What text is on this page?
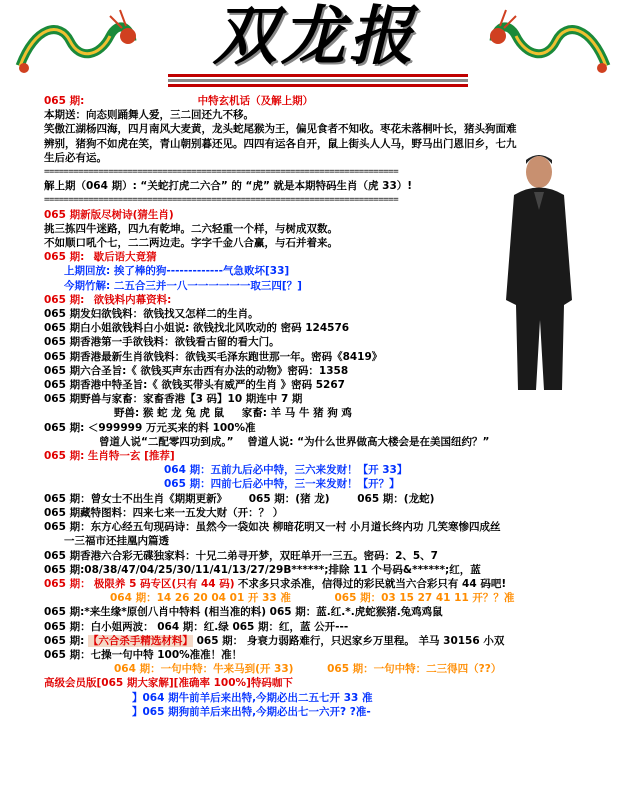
双龙报
065 期:	中特玄机话（及解上期）
本期送：向态则踊舞人爱，三二回还九不移。
笑傲江湖杨四海，四月南风大麦黄，龙头蛇尾猴为王，偏见食者不知收。枣花未落桐叶长，猪头狗面难
辨别，猪狗不如虎在笑，青山朝别暮还见。四四有运各自开，鼠上街头人人马，野马出门恩旧乡，七九
生后必有运。
========================================================================
解上期（064 期）: “关蛇打虎二六合” 的 “虎” 就是本期特码生肖（虎 33）!
========================================================================
065 期新版尽树诗(猜生肖)
挑三拣四牛迷路，四九有乾坤。二六轻重一个样，与树成双数。
不如顺口吼个七，二二两边走。字字千金八合赢，与石并着来。
065 期: 歇后语大竟猜
上期回放: 挨了棒的狗-------------气急败坏[33]
今期竹解: 二五合三并一八一一一一一一取三四[？]
065 期: 欲钱料内幕资料:
065 期发妇欲钱料：欲钱找又怎样二的生肖。
065 期白小姐欲钱料白小姐说: 欲钱找北风吹动的 密码 124576
065 期香港第一手欲钱料：欲钱看古留的看大门。
065 期香港最新生肖欲钱料：欲钱买毛泽东跑世那一年。密码《8419》
065 期六合圣旨:《 欲钱买声东击西有办法的动物》密码：1358
065 期香港中特圣旨:《 欲钱买带头有威严的生肖 》密码 5267
065 期野兽与家畜：家畜香港【3 码】10 期连中 7 期
野兽: 猴 蛇 龙 兔 虎 鼠 家畜: 羊 马 牛 猪 狗 鸡
065 期: ＜999999 万元买来的料 100%准
曾道人说“二配零四功到成。” 曾道人说: “为什么世界做高大楼会是在美国纽约？”
065 期: 生肖特一玄 [推荐]
064 期：五前九后必中特，三六来发财！【开 33】
065 期：四前七后必中特，三一来发财！【开？】
065 期：曾女士不出生肖《期期更新》 065 期：(猪 龙)	065 期：(龙蛇)
065 期藏特图料：四来七来一五发大财（开：？ ）
065 期：东方心经五句现码诗：虽然今一袋如决 柳暗花明又一村 小月道长终内功 几笑寒惨四成丝
一三福市还挂凰内篇透
065 期香港六合彩无碟独家料：十兄二弟寻开梦，双旺单开一三五。密码：2、5、7
065 期:08/38/47/04/25/30/11/41/13/27/29B******;排除 11 个号码&******;红，蓝
065 期： 极限养 5 码专区(只有 44 码) 不求多只求杀准，信得过的彩民就当六合彩只有 44 码吧!
064 期：14 26 20 04 01 开 33 准	065 期：03 15 27 41 11 开？？准
065 期:*来生缘*原创八肖中特料 (相当准的料) 065 期：蓝.红.*.虎蛇猴猪.兔鸡鸡鼠
065 期：白小姐两波： 064 期：红.绿 065 期：红，蓝 公开---
065 期: 【六合杀手精选材料】 065 期： 身衰力弱路难行，只迟家乡万里程。 羊马 30156 小双
065 期：七操一句中特 100%准准！准！
064 期：一句中特：牛来马到(开 33)	065 期：一句中特：二三得四（??）
高级会员版[065 期大家解][准确率 100%]特码咖下
】064 期牛前羊后来出特,今期必出二五七开 33 准
】065 期狗前羊后来出特,今期必出七一六开? ?准-
